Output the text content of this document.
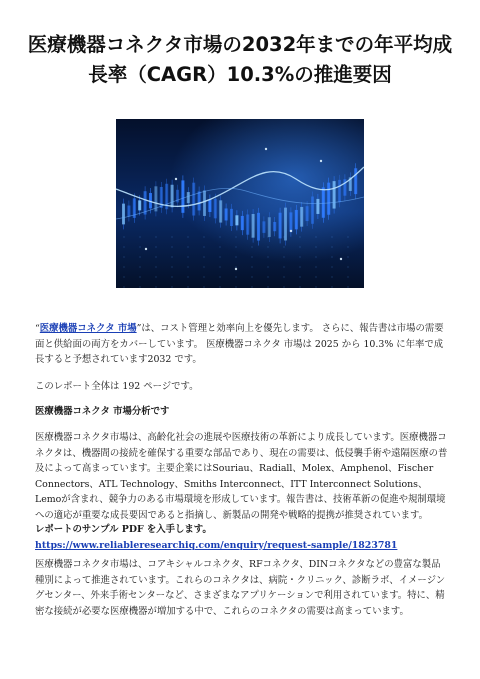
医療機器コネクタ市場の2032年までの年平均成長率（CAGR）10.3%の推進要因

“医療機器コネクタ 市場”は、コスト管理と効率向上を優先します。 さらに、報告書は市場の需要面と供給面の両方をカバーしています。 医療機器コネクタ 市場は 2025 から 10.3% に年率で成長すると予想されています2032 です。

このレポート全体は 192 ページです。

医療機器コネクタ 市場分析です

医療機器コネクタ市場は、高齢化社会の進展や医療技術の革新により成長しています。医療機器コネクタは、機器間の接続を確保する重要な部品であり、現在の需要は、低侵襲手術や遠隔医療の普及によって高まっています。主要企業にはSouriau、Radiall、Molex、Amphenol、Fischer Connectors、ATL Technology、Smiths Interconnect、ITT Interconnect Solutions、Lemoが含まれ、競争力のある市場環境を形成しています。報告書は、技術革新の促進や規制環境への適応が重要な成長要因であると指摘し、新製品の開発や戦略的提携が推奨されています。

レポートのサンプル PDF を入手します。 https://www.reliableresearchiq.com/enquiry/request-sample/1823781

医療機器コネクタ市場は、コアキシャルコネクタ、RFコネクタ、DINコネクタなどの豊富な製品種別によって推進されています。これらのコネクタは、病院・クリニック、診断ラボ、イメージングセンター、外来手術センターなど、さまざまなアプリケーションで利用されています。特に、精密な接続が必要な医療機器が増加する中で、これらのコネクタの需要は高まっています。
